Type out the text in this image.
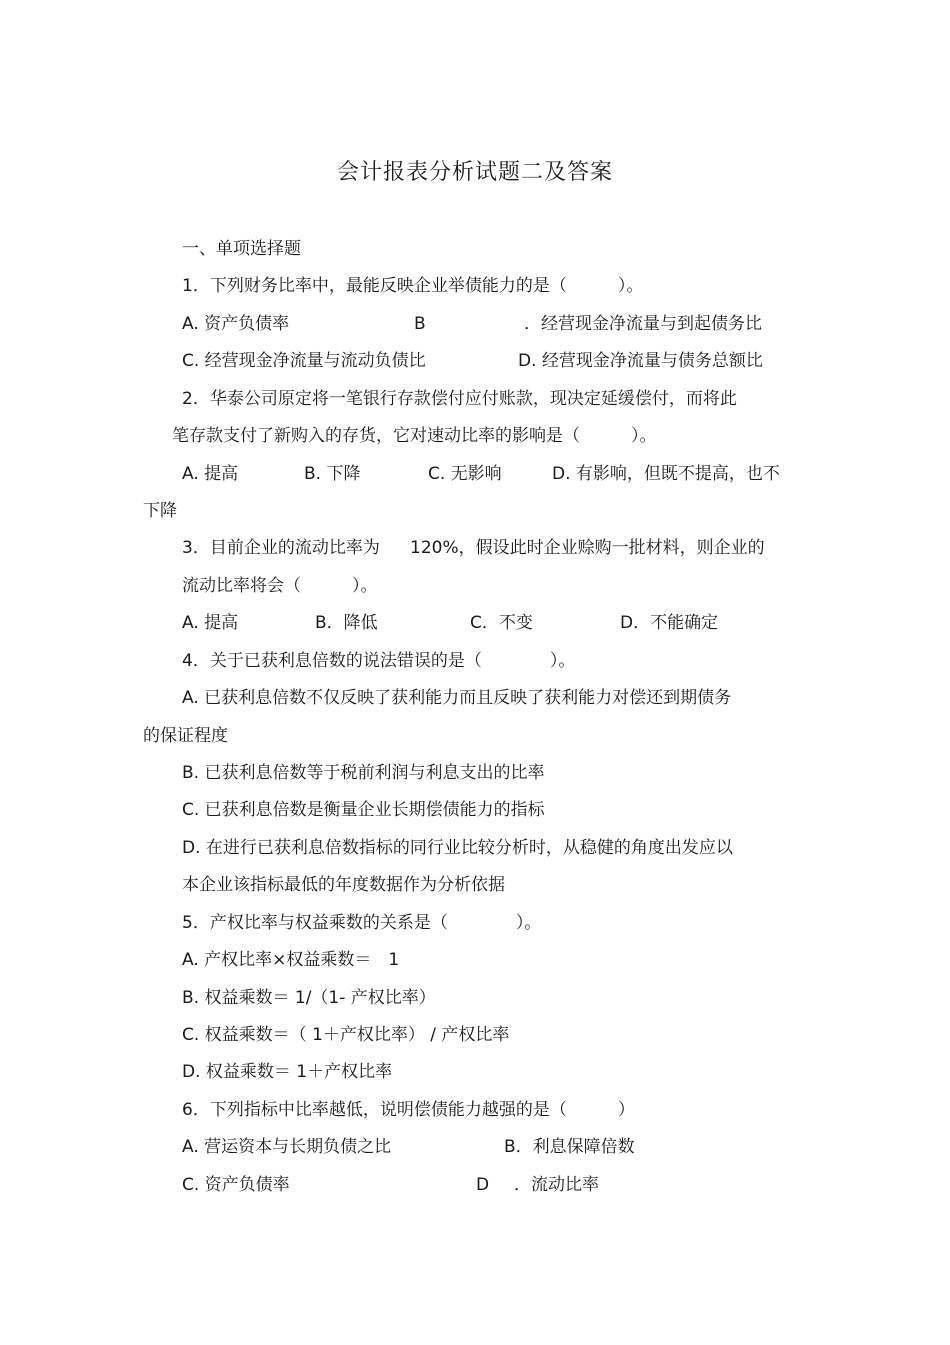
会计报表分析试题二及答案
一、单项选择题
1．下列财务比率中，最能反映企业举债能力的是（　　　）。
A. 资产负债率	B	．经营现金净流量与到起债务比
C. 经营现金净流量与流动负债比	D. 经营现金净流量与债务总额比
2．华泰公司原定将一笔银行存款偿付应付账款，现决定延缓偿付，而将此
笔存款支付了新购入的存货，它对速动比率的影响是（　　　）。
A. 提高	B. 下降	C. 无影响	D. 有影响，但既不提高，也不
下降
3．目前企业的流动比率为 120%，假设此时企业赊购一批材料，则企业的
流动比率将会（　　　）。
A. 提高	B．降低	C．不变	D．不能确定
4．关于已获利息倍数的说法错误的是（　　　　）。
A. 已获利息倍数不仅反映了获利能力而且反映了获利能力对偿还到期债务
的保证程度
B. 已获利息倍数等于税前利润与利息支出的比率
C. 已获利息倍数是衡量企业长期偿债能力的指标
D. 在进行已获利息倍数指标的同行业比较分析时，从稳健的角度出发应以
本企业该指标最低的年度数据作为分析依据
5．产权比率与权益乘数的关系是（　　　　）。
A. 产权比率×权益乘数＝　1
B. 权益乘数＝ 1/（1- 产权比率）
C. 权益乘数＝（ 1＋产权比率） / 产权比率
D. 权益乘数＝ 1＋产权比率
6．下列指标中比率越低，说明偿债能力越强的是（　　　）
A. 营运资本与长期负债之比	B．利息保障倍数
C. 资产负债率	D ．流动比率
